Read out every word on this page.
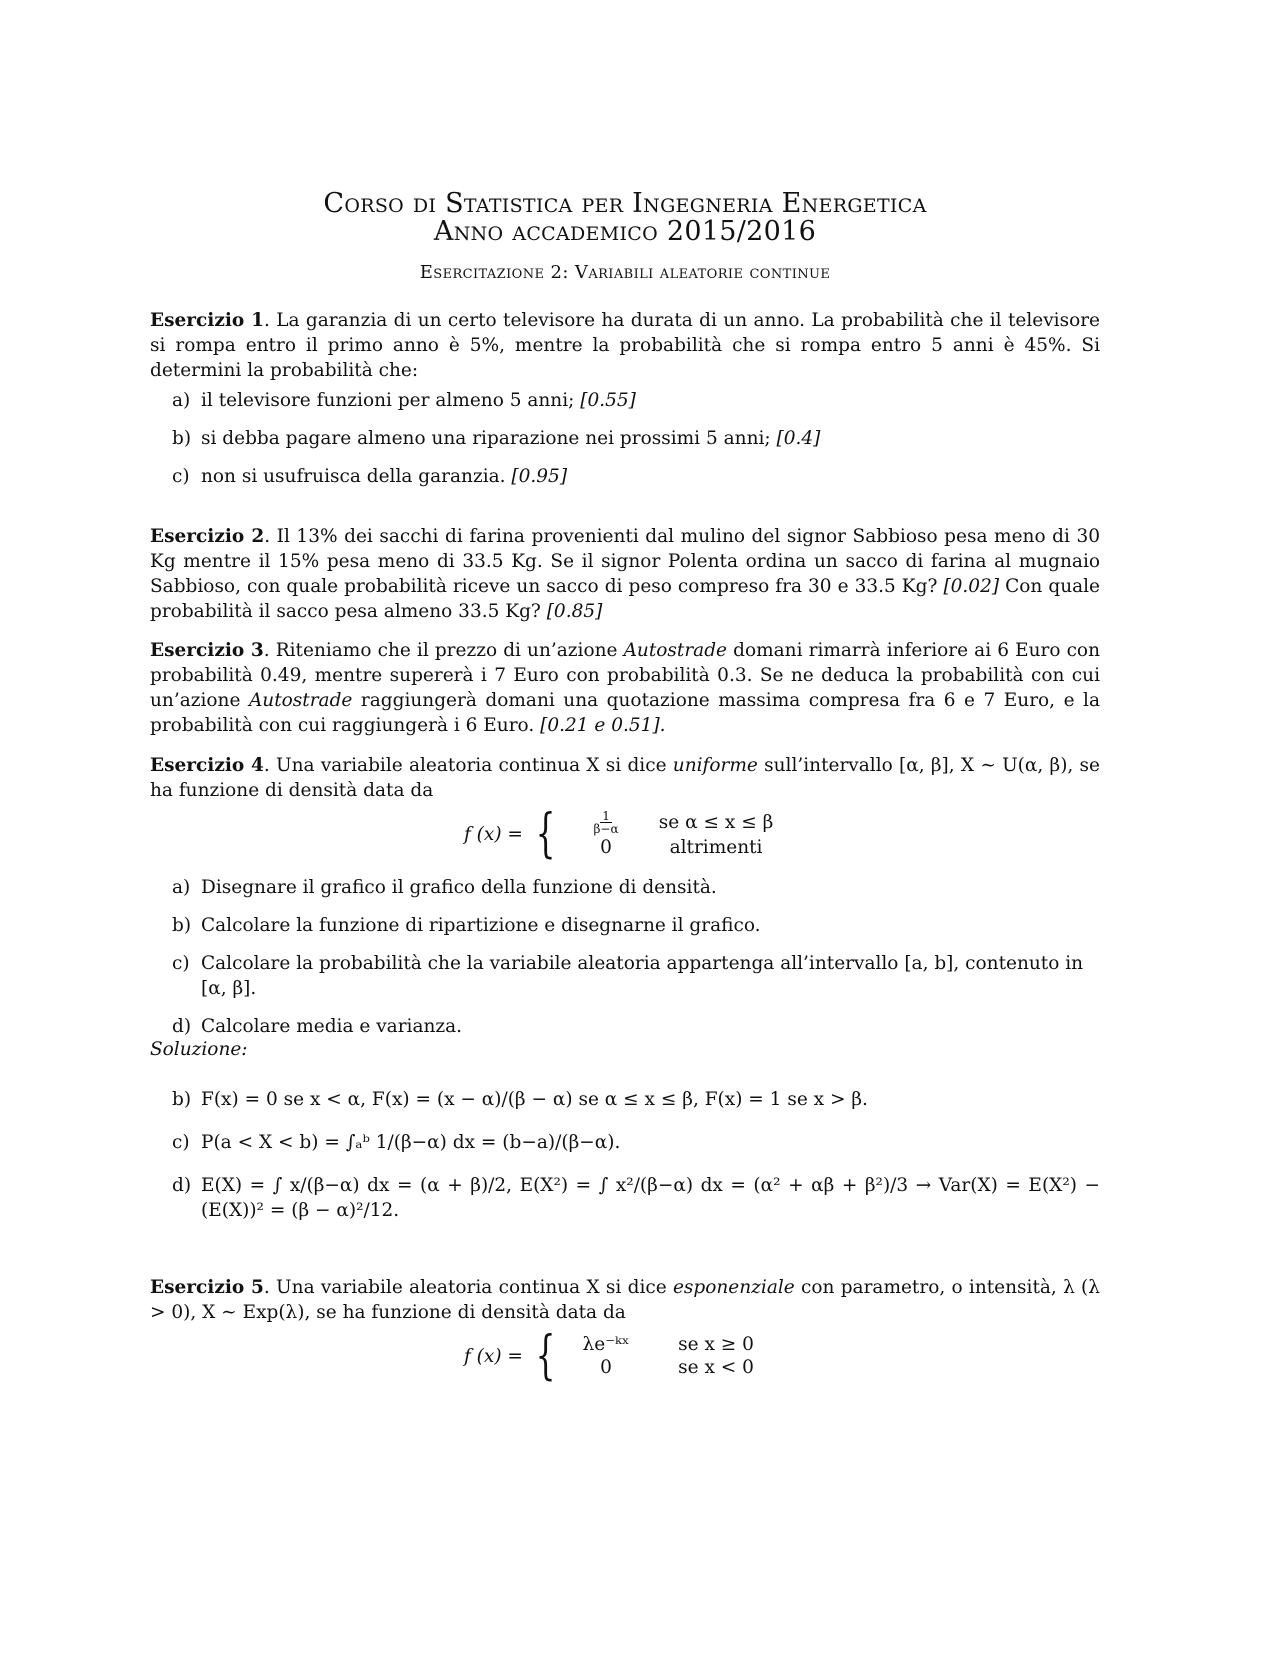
Corso di Statistica per Ingegneria Energetica
Anno accademico 2015/2016
Esercitazione 2: Variabili aleatorie continue

Esercizio 1. La garanzia di un certo televisore ha durata di un anno. La probabilità che il televisore si rompa entro il primo anno è 5%, mentre la probabilità che si rompa entro 5 anni è 45%. Si determini la probabilità che:

a) il televisore funzioni per almeno 5 anni; [0.55]
b) si debba pagare almeno una riparazione nei prossimi 5 anni; [0.4]
c) non si usufruisca della garanzia. [0.95]

Esercizio 2. Il 13% dei sacchi di farina provenienti dal mulino del signor Sabbioso pesa meno di 30 Kg mentre il 15% pesa meno di 33.5 Kg. Se il signor Polenta ordina un sacco di farina al mugnaio Sabbioso, con quale probabilità riceve un sacco di peso compreso fra 30 e 33.5 Kg? [0.02] Con quale probabilità il sacco pesa almeno 33.5 Kg? [0.85]

Esercizio 3. Riteniamo che il prezzo di un’azione Autostrade domani rimarrà inferiore ai 6 Euro con probabilità 0.49, mentre supererà i 7 Euro con probabilità 0.3. Se ne deduca la probabilità con cui un’azione Autostrade raggiungerà domani una quotazione massima compresa fra 6 e 7 Euro, e la probabilità con cui raggiungerà i 6 Euro. [0.21 e 0.51].

Esercizio 4. Una variabile aleatoria continua X si dice uniforme sull’intervallo [α, β], X ∼ U(α, β), se ha funzione di densità data da

f (x) = {	$\frac{1}{\beta-\alpha}$	se α ≤ x ≤ β
0	altrimenti
a) Disegnare il grafico il grafico della funzione di densità.
b) Calcolare la funzione di ripartizione e disegnarne il grafico.
c) Calcolare la probabilità che la variabile aleatoria appartenga all’intervallo [a, b], contenuto in [α, β].
d) Calcolare media e varianza.

Soluzione:

b) F(x) = 0 se x < α, F(x) = (x − α)/(β − α) se α ≤ x ≤ β, F(x) = 1 se x > β.
c) P(a < X < b) = ∫ₐᵇ 1/(β−α) dx = (b−a)/(β−α).
d) E(X) = ∫ x/(β−α) dx = (α + β)/2, E(X²) = ∫ x²/(β−α) dx = (α² + αβ + β²)/3 → Var(X) = E(X²) − (E(X))² = (β − α)²/12.

Esercizio 5. Una variabile aleatoria continua X si dice esponenziale con parametro, o intensità, λ (λ > 0), X ∼ Exp(λ), se ha funzione di densità data da

f (x) = {	λe⁻ᵏˣ	se x ≥ 0
0	se x < 0
